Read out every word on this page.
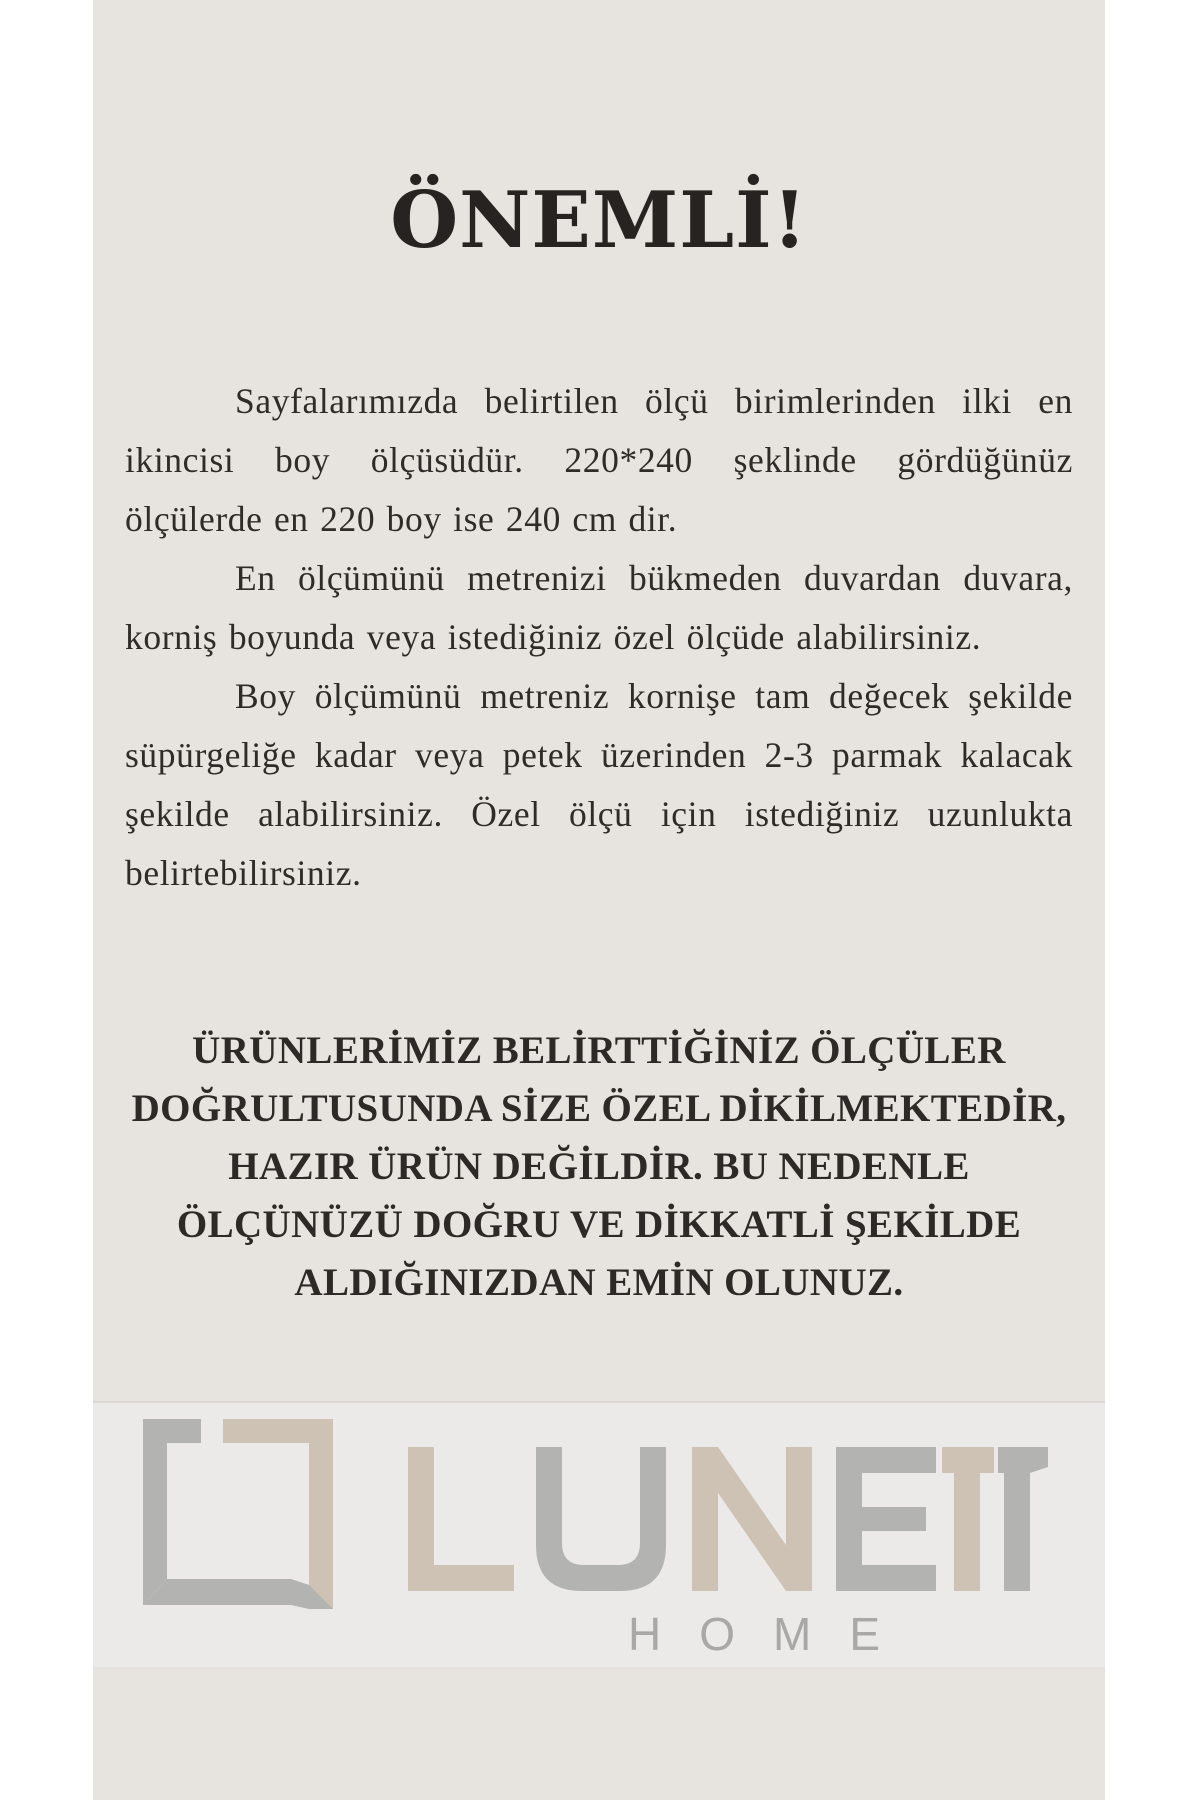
ÖNEMLİ!

Sayfalarımızda belirtilen ölçü birimlerinden ilki en ikincisi boy ölçüsüdür. 220*240 şeklinde gördüğünüz ölçülerde en 220 boy ise 240 cm dir.

En ölçümünü metrenizi bükmeden duvardan duvara, korniş boyunda veya istediğiniz özel ölçüde alabilirsiniz.

Boy ölçümünü metreniz kornişe tam değecek şekilde süpürgeliğe kadar veya petek üzerinden 2-3 parmak kalacak şekilde alabilirsiniz. Özel ölçü için istediğiniz uzunlukta belirtebilirsiniz.

ÜRÜNLERİMİZ BELİRTTİĞİNİZ ÖLÇÜLER DOĞRULTUSUNDA SİZE ÖZEL DİKİLMEKTEDİR, HAZIR ÜRÜN DEĞİLDİR. BU NEDENLE ÖLÇÜNÜZÜ DOĞRU VE DİKKATLİ ŞEKİLDE ALDIĞINIZDAN EMİN OLUNUZ.
HOME
